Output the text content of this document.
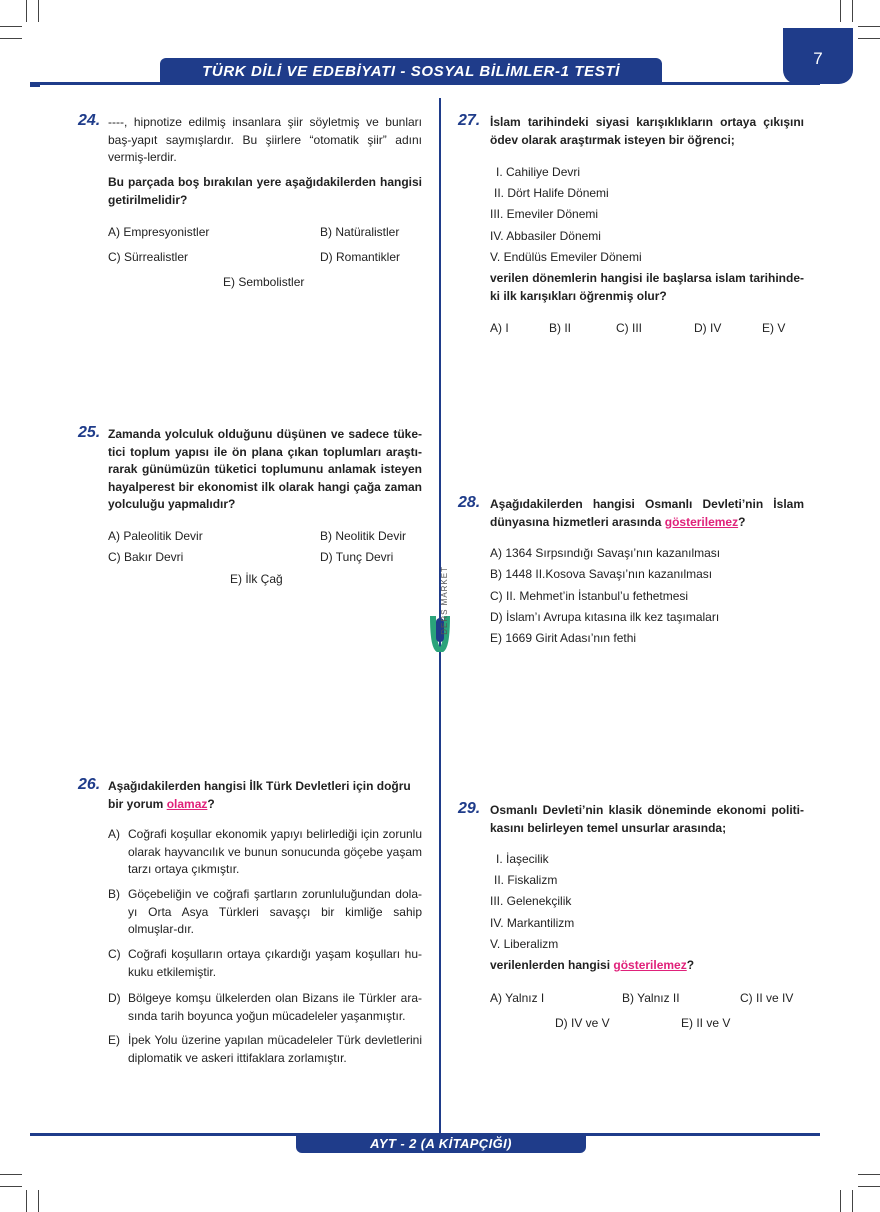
TÜRK DİLİ VE EDEBİYATI - SOSYAL BİLİMLER-1 TESTİ
7
DERS MARKET
24. ----, hipnotize edilmiş insanlara şiir söyletmiş ve bunları baş-yapıt saymışlardır. Bu şiirlere “otomatik şiir” adını vermiş-lerdir.
Bu parçada boş bırakılan yere aşağıdakilerden hangisi getirilmelidir?
A) Empresyonistler	B) Natüralistler
C) Sürrealistler	D) Romantikler
E) Sembolistler
25. Zamanda yolculuk olduğunu düşünen ve sadece tüke-tici toplum yapısı ile ön plana çıkan toplumları araştı-rarak günümüzün tüketici toplumunu anlamak isteyen hayalperest bir ekonomist ilk olarak hangi çağa zaman yolculuğu yapmalıdır?
A) Paleolitik Devir	B) Neolitik Devir
C) Bakır Devri	D) Tunç Devri
E) İlk Çağ
26. Aşağıdakilerden hangisi İlk Türk Devletleri için doğru bir yorum olamaz?
A) Coğrafi koşullar ekonomik yapıyı belirlediği için zorunlu olarak hayvancılık ve bunun sonucunda göçebe yaşam tarzı ortaya çıkmıştır.
B) Göçebeliğin ve coğrafi şartların zorunluluğundan dola-yı Orta Asya Türkleri savaşçı bir kimliğe sahip olmuşlar-dır.
C) Coğrafi koşulların ortaya çıkardığı yaşam koşulları hu-kuku etkilemiştir.
D) Bölgeye komşu ülkelerden olan Bizans ile Türkler ara-sında tarih boyunca yoğun mücadeleler yaşanmıştır.
E) İpek Yolu üzerine yapılan mücadeleler Türk devletlerini diplomatik ve askeri ittifaklara zorlamıştır.
27. İslam tarihindeki siyasi karışıklıkların ortaya çıkışını ödev olarak araştırmak isteyen bir öğrenci;
I. Cahiliye Devri
II. Dört Halife Dönemi
III. Emeviler Dönemi
IV. Abbasiler Dönemi
V. Endülüs Emeviler Dönemi
verilen dönemlerin hangisi ile başlarsa islam tarihinde-ki ilk karışıkları öğrenmiş olur?
A) I	B) II	C) III	D) IV	E) V
28. Aşağıdakilerden hangisi Osmanlı Devleti’nin İslam dünyasına hizmetleri arasında gösterilemez?
A) 1364 Sırpsındığı Savaşı’nın kazanılması
B) 1448 II.Kosova Savaşı’nın kazanılması
C) II. Mehmet’in İstanbul’u fethetmesi
D) İslam’ı Avrupa kıtasına ilk kez taşımaları
E) 1669 Girit Adası’nın fethi
29. Osmanlı Devleti’nin klasik döneminde ekonomi politi-kasını belirleyen temel unsurlar arasında;
I. İaşecilik
II. Fiskalizm
III. Gelenekçilik
IV. Markantilizm
V. Liberalizm
verilenlerden hangisi gösterilemez?
A) Yalnız I	B) Yalnız II	C) II ve IV
D) IV ve V	E) II ve V
AYT - 2 (A KİTAPÇIĞI)
